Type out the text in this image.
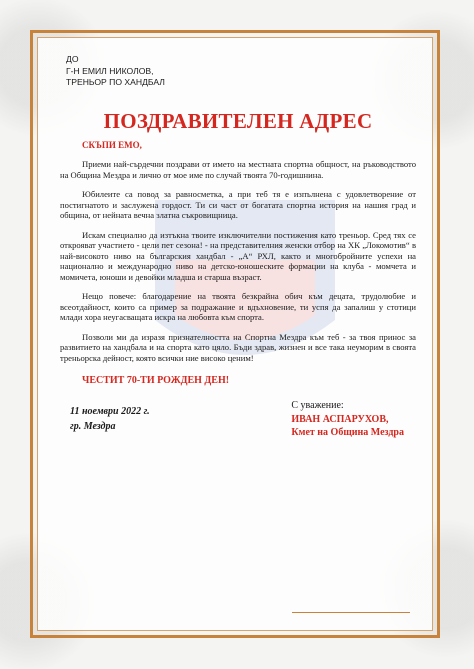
ДО
Г-Н ЕМИЛ НИКОЛОВ,
ТРЕНЬОР ПО ХАНДБАЛ
ПОЗДРАВИТЕЛЕН АДРЕС
СКЪПИ ЕМО,

Приеми най-сърдечни поздрави от името на местната спортна общност, на ръководството на Община Мездра и лично от мое име по случай твоята 70-годишнина.

Юбилеите са повод за равносметка, а при теб тя е изпълнена с удовлетворение от постигнатото и заслужена гордост. Ти си част от богатата спортна история на нашия град и община, от нейната вечна златна съкровищница.

Искам специално да изтъкна твоите изключителни постижения като треньор. Сред тях се открояват участието - цели пет сезона! - на представителния женски отбор на ХК „Локомотив“ в най-високото ниво на българския хандбал - „А“ РХЛ, както и многобройните успехи на национално и международно ниво на детско-юношеските формации на клуба - момчета и момичета, юноши и девойки младша и старша възраст.

Нещо повече: благодарение на твоята безкрайна обич към децата, трудолюбие и всеотдайност, които са пример за подражание и вдъхновение, ти успя да запалиш у стотици млади хора неугасващата искра на любовта към спорта.

Позволи ми да изразя признателността на Спортна Мездра към теб - за твоя принос за развитието на хандбала и на спорта като цяло. Бъди здрав, жизнен и все така неуморим в своята треньорска дейност, която всички ние високо ценим!

ЧЕСТИТ 70-ТИ РОЖДЕН ДЕН!
11 ноември 2022 г.
гр. Мездра
С уважение:
ИВАН АСПАРУХОВ,
Кмет на Община Мездра
